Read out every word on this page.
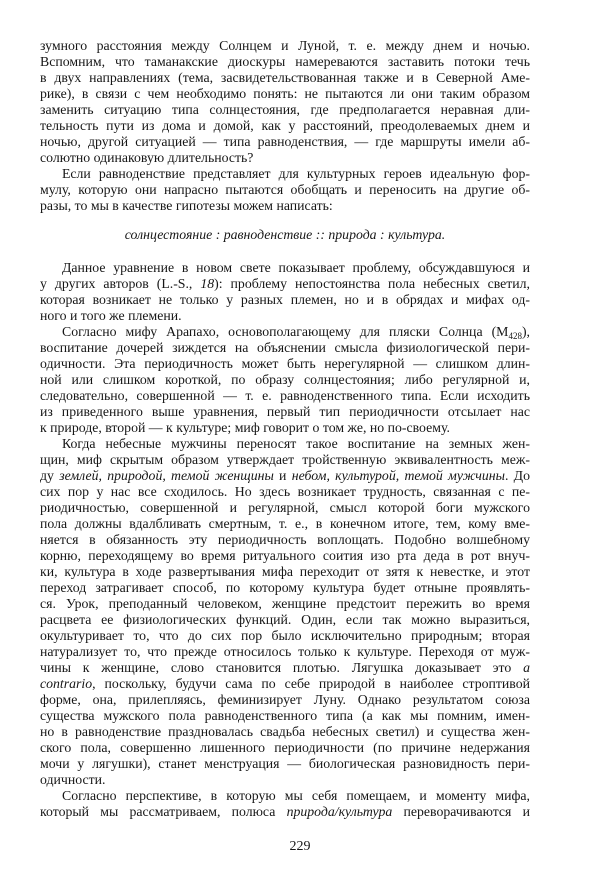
зумного расстояния между Солнцем и Луной, т. е. между днем и ночью.
Вспомним, что таманакские диоскуры намереваются заставить потоки течь
в двух направлениях (тема, засвидетельствованная также и в Северной Аме-
рике), в связи с чем необходимо понять: не пытаются ли они таким образом
заменить ситуацию типа солнцестояния, где предполагается неравная дли-
тельность пути из дома и домой, как у расстояний, преодолеваемых днем и
ночью, другой ситуацией — типа равноденствия, — где маршруты имели аб-
солютно одинаковую длительность?
Если равноденствие представляет для культурных героев идеальную фор-
мулу, которую они напрасно пытаются обобщать и переносить на другие об-
разы, то мы в качестве гипотезы можем написать:
солнцестояние : равноденствие :: природа : культура.
Данное уравнение в новом свете показывает проблему, обсуждавшуюся и
у других авторов (L.-S., 18): проблему непостоянства пола небесных светил,
которая возникает не только у разных племен, но и в обрядах и мифах од-
ного и того же племени.
Согласно мифу Арапахо, основополагающему для пляски Солнца $(M_{428})$,
воспитание дочерей зиждется на объяснении смысла физиологической пери-
одичности. Эта периодичность может быть нерегулярной — слишком длин-
ной или слишком короткой, по образу солнцестояния; либо регулярной и,
следовательно, совершенной — т. е. равноденственного типа. Если исходить
из приведенного выше уравнения, первый тип периодичности отсылает нас
к природе, второй — к культуре; миф говорит о том же, но по-своему.
Когда небесные мужчины переносят такое воспитание на земных жен-
щин, миф скрытым образом утверждает тройственную эквивалентность меж-
ду землей, природой, темой женщины и небом, культурой, темой мужчины. До
сих пор у нас все сходилось. Но здесь возникает трудность, связанная с пе-
риодичностью, совершенной и регулярной, смысл которой боги мужского
пола должны вдалбливать смертным, т. е., в конечном итоге, тем, кому вме-
няется в обязанность эту периодичность воплощать. Подобно волшебному
корню, переходящему во время ритуального соития изо рта деда в рот внуч-
ки, культура в ходе развертывания мифа переходит от зятя к невестке, и этот
переход затрагивает способ, по которому культура будет отныне проявлять-
ся. Урок, преподанный человеком, женщине предстоит пережить во время
расцвета ее физиологических функций. Один, если так можно выразиться,
окультуривает то, что до сих пор было исключительно природным; вторая
натурализует то, что прежде относилось только к культуре. Переходя от муж-
чины к женщине, слово становится плотью. Лягушка доказывает это a
contrario, поскольку, будучи сама по себе природой в наиболее строптивой
форме, она, прилепляясь, феминизирует Луну. Однако результатом союза
существа мужского пола равноденственного типа (а как мы помним, имен-
но в равноденствие праздновалась свадьба небесных светил) и существа жен-
ского пола, совершенно лишенного периодичности (по причине недержания
мочи у лягушки), станет менструация — биологическая разновидность пери-
одичности.
Согласно перспективе, в которую мы себя помещаем, и моменту мифа,
который мы рассматриваем, полюса природа/культура переворачиваются и
229
